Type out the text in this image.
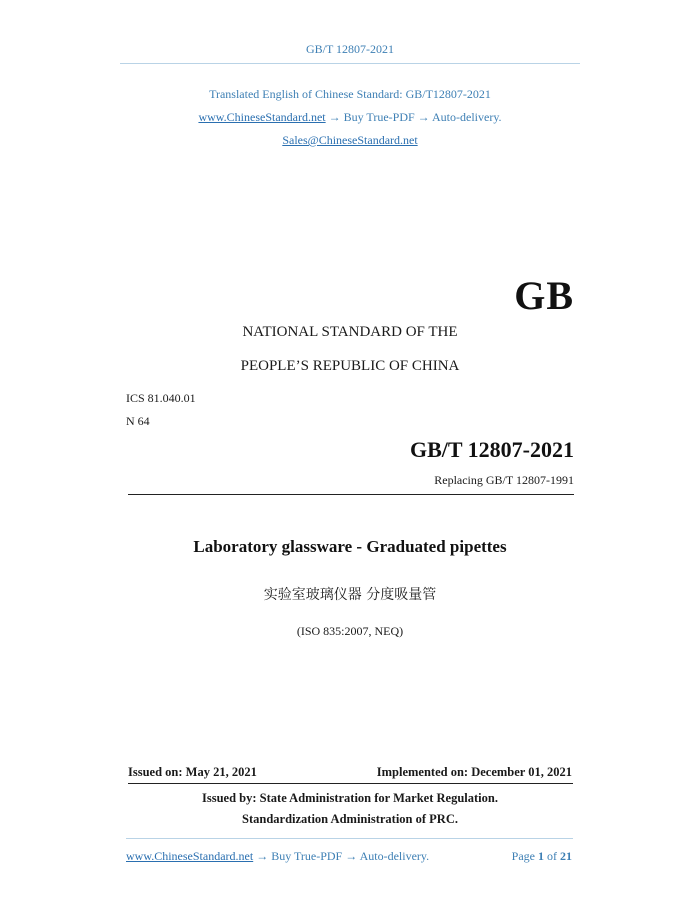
GB/T 12807-2021
Translated English of Chinese Standard: GB/T12807-2021
www.ChineseStandard.net → Buy True-PDF → Auto-delivery.
Sales@ChineseStandard.net
GB
NATIONAL STANDARD OF THE
PEOPLE’S REPUBLIC OF CHINA
ICS 81.040.01
N 64
GB/T 12807-2021
Replacing GB/T 12807-1991
Laboratory glassware - Graduated pipettes
实验室玻璃仪器 分度吸量管
(ISO 835:2007, NEQ)
Issued on: May 21, 2021	Implemented on: December 01, 2021
Issued by: State Administration for Market Regulation.
Standardization Administration of PRC.
www.ChineseStandard.net → Buy True-PDF → Auto-delivery.	Page 1 of 21
